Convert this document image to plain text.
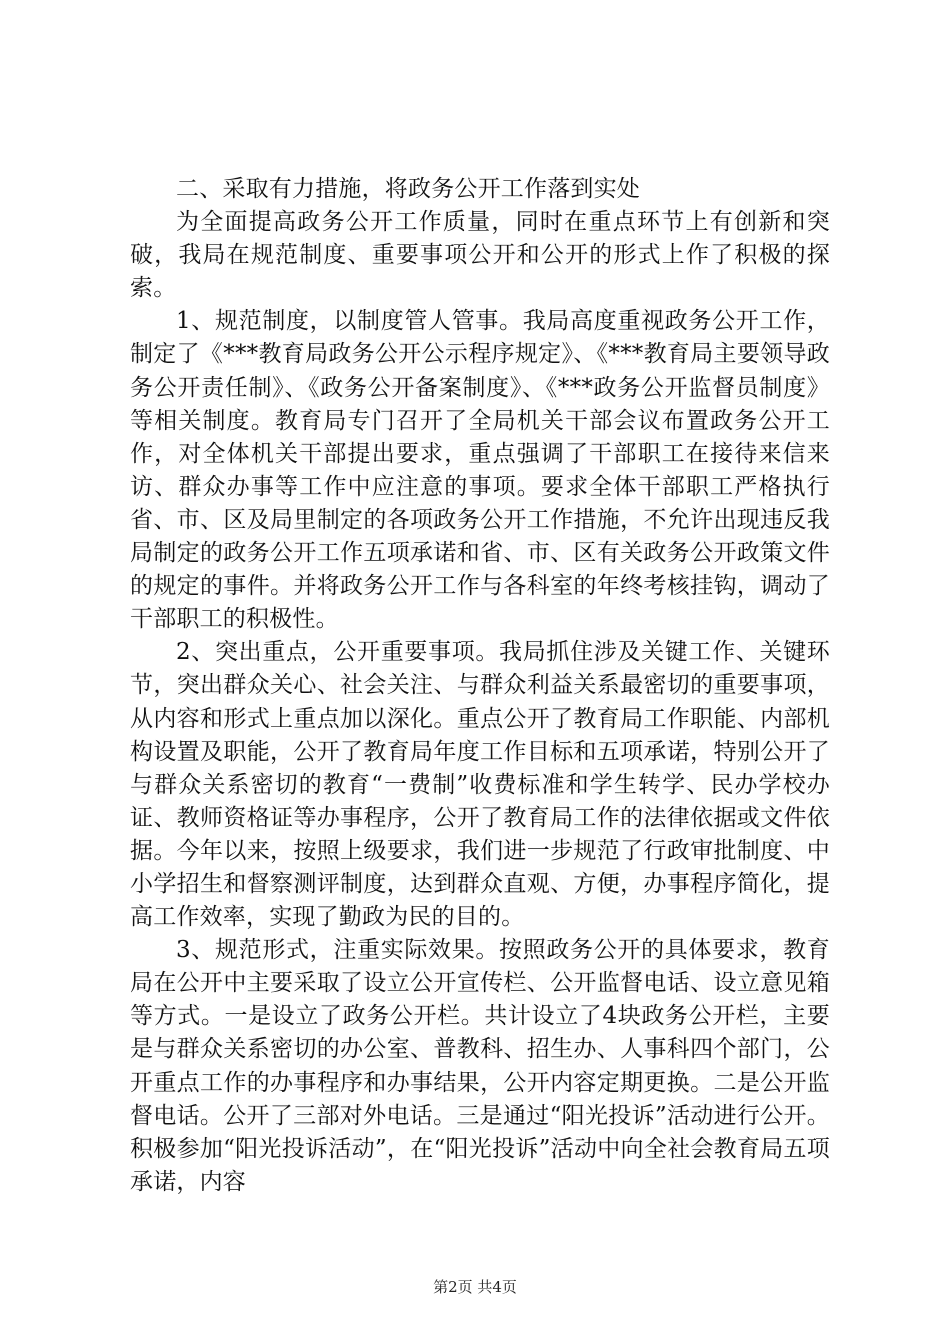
二、采取有力措施，将政务公开工作落到实处

为全面提高政务公开工作质量，同时在重点环节上有创新和突破，我局在规范制度、重要事项公开和公开的形式上作了积极的探索。

1、规范制度，以制度管人管事。我局高度重视政务公开工作，制定了《***教育局政务公开公示程序规定》、《***教育局主要领导政务公开责任制》、《政务公开备案制度》、《***政务公开监督员制度》等相关制度。教育局专门召开了全局机关干部会议布置政务公开工作，对全体机关干部提出要求，重点强调了干部职工在接待来信来访、群众办事等工作中应注意的事项。要求全体干部职工严格执行省、市、区及局里制定的各项政务公开工作措施，不允许出现违反我局制定的政务公开工作五项承诺和省、市、区有关政务公开政策文件的规定的事件。并将政务公开工作与各科室的年终考核挂钩，调动了干部职工的积极性。

2、突出重点，公开重要事项。我局抓住涉及关键工作、关键环节，突出群众关心、社会关注、与群众利益关系最密切的重要事项，从内容和形式上重点加以深化。重点公开了教育局工作职能、内部机构设置及职能，公开了教育局年度工作目标和五项承诺，特别公开了与群众关系密切的教育“一费制”收费标准和学生转学、民办学校办证、教师资格证等办事程序，公开了教育局工作的法律依据或文件依据。今年以来，按照上级要求，我们进一步规范了行政审批制度、中小学招生和督察测评制度，达到群众直观、方便，办事程序简化，提高工作效率，实现了勤政为民的目的。

3、规范形式，注重实际效果。按照政务公开的具体要求，教育局在公开中主要采取了设立公开宣传栏、公开监督电话、设立意见箱等方式。一是设立了政务公开栏。共计设立了4块政务公开栏，主要是与群众关系密切的办公室、普教科、招生办、人事科四个部门，公开重点工作的办事程序和办事结果，公开内容定期更换。二是公开监督电话。公开了三部对外电话。三是通过“阳光投诉”活动进行公开。积极参加“阳光投诉活动”，在“阳光投诉”活动中向全社会教育局五项承诺，内容

第2页 共4页
